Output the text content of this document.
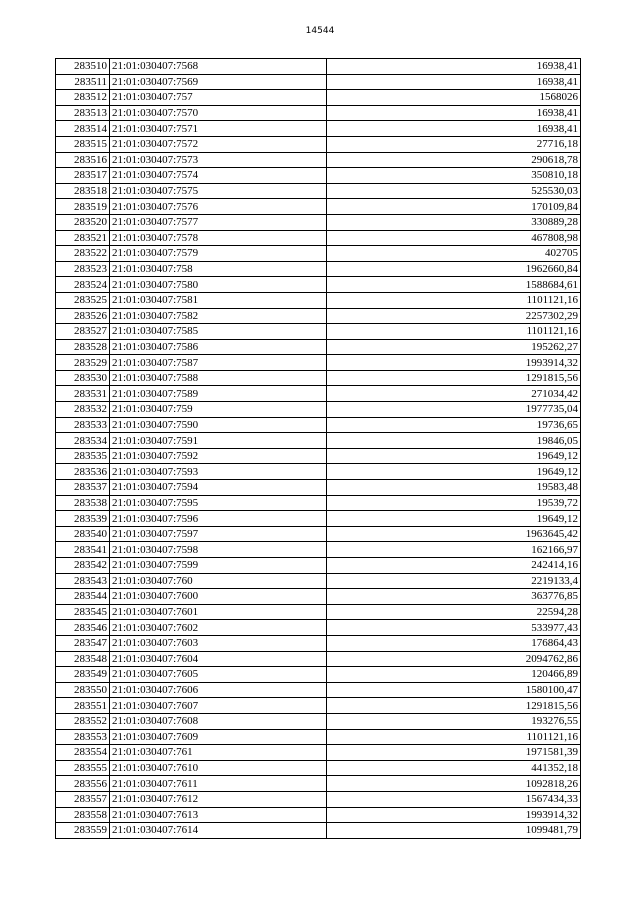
14544
283510	21:01:030407:7568	16938,41
283511	21:01:030407:7569	16938,41
283512	21:01:030407:757	1568026
283513	21:01:030407:7570	16938,41
283514	21:01:030407:7571	16938,41
283515	21:01:030407:7572	27716,18
283516	21:01:030407:7573	290618,78
283517	21:01:030407:7574	350810,18
283518	21:01:030407:7575	525530,03
283519	21:01:030407:7576	170109,84
283520	21:01:030407:7577	330889,28
283521	21:01:030407:7578	467808,98
283522	21:01:030407:7579	402705
283523	21:01:030407:758	1962660,84
283524	21:01:030407:7580	1588684,61
283525	21:01:030407:7581	1101121,16
283526	21:01:030407:7582	2257302,29
283527	21:01:030407:7585	1101121,16
283528	21:01:030407:7586	195262,27
283529	21:01:030407:7587	1993914,32
283530	21:01:030407:7588	1291815,56
283531	21:01:030407:7589	271034,42
283532	21:01:030407:759	1977735,04
283533	21:01:030407:7590	19736,65
283534	21:01:030407:7591	19846,05
283535	21:01:030407:7592	19649,12
283536	21:01:030407:7593	19649,12
283537	21:01:030407:7594	19583,48
283538	21:01:030407:7595	19539,72
283539	21:01:030407:7596	19649,12
283540	21:01:030407:7597	1963645,42
283541	21:01:030407:7598	162166,97
283542	21:01:030407:7599	242414,16
283543	21:01:030407:760	2219133,4
283544	21:01:030407:7600	363776,85
283545	21:01:030407:7601	22594,28
283546	21:01:030407:7602	533977,43
283547	21:01:030407:7603	176864,43
283548	21:01:030407:7604	2094762,86
283549	21:01:030407:7605	120466,89
283550	21:01:030407:7606	1580100,47
283551	21:01:030407:7607	1291815,56
283552	21:01:030407:7608	193276,55
283553	21:01:030407:7609	1101121,16
283554	21:01:030407:761	1971581,39
283555	21:01:030407:7610	441352,18
283556	21:01:030407:7611	1092818,26
283557	21:01:030407:7612	1567434,33
283558	21:01:030407:7613	1993914,32
283559	21:01:030407:7614	1099481,79
